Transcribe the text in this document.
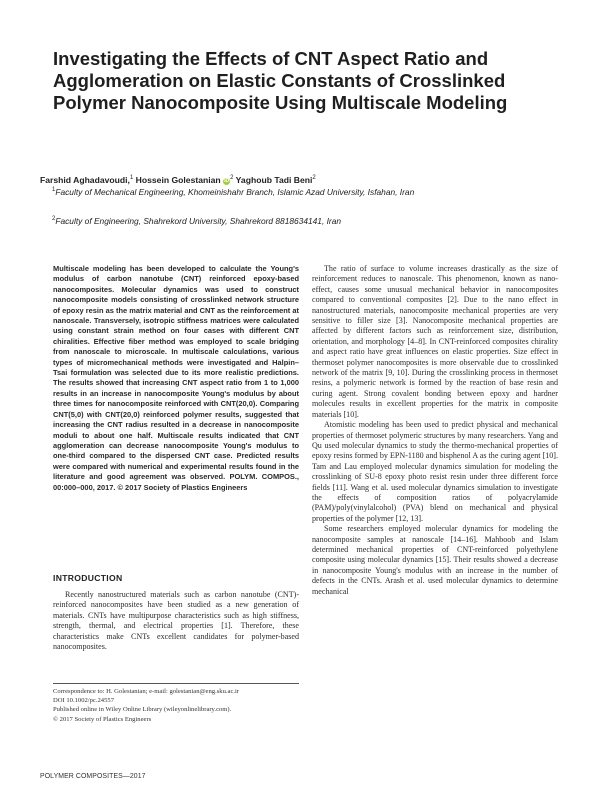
Investigating the Effects of CNT Aspect Ratio and Agglomeration on Elastic Constants of Crosslinked Polymer Nanocomposite Using Multiscale Modeling

Farshid Aghadavoudi,$^1$ Hossein Golestanian $iD^2$ Yaghoub Tadi Beni$^2$

$^1$Faculty of Mechanical Engineering, Khomeinishahr Branch, Islamic Azad University, Isfahan, Iran

$^2$Faculty of Engineering, Shahrekord University, Shahrekord 8818634141, Iran

Multiscale modeling has been developed to calculate the Young's modulus of carbon nanotube (CNT) reinforced epoxy-based nanocomposites. Molecular dynamics was used to construct nanocomposite models consisting of crosslinked network structure of epoxy resin as the matrix material and CNT as the reinforcement at nanoscale. Transversely, isotropic stiffness matrices were calculated using constant strain method on four cases with different CNT chiralities. Effective fiber method was employed to scale bridging from nanoscale to microscale. In multiscale calculations, various types of micromechanical methods were investigated and Halpin–Tsai formulation was selected due to its more realistic predictions. The results showed that increasing CNT aspect ratio from 1 to 1,000 results in an increase in nanocomposite Young's modulus by about three times for nanocomposite reinforced with CNT(20,0). Comparing CNT(5,0) with CNT(20,0) reinforced polymer results, suggested that increasing the CNT radius resulted in a decrease in nanocomposite moduli to about one half. Multiscale results indicated that CNT agglomeration can decrease nanocomposite Young's modulus to one-third compared to the dispersed CNT case. Predicted results were compared with numerical and experimental results found in the literature and good agreement was observed. POLYM. COMPOS., 00:000–000, 2017. © 2017 Society of Plastics Engineers

INTRODUCTION

Recently nanostructured materials such as carbon nanotube (CNT)-reinforced nanocomposites have been studied as a new generation of materials. CNTs have multipurpose characteristics such as high stiffness, strength, thermal, and electrical properties [1]. Therefore, these characteristics make CNTs excellent candidates for polymer-based nanocomposites.

The ratio of surface to volume increases drastically as the size of reinforcement reduces to nanoscale. This phenomenon, known as nano-effect, causes some unusual mechanical behavior in nanocomposites compared to conventional composites [2]. Due to the nano effect in nanostructured materials, nanocomposite mechanical properties are very sensitive to filler size [3]. Nanocomposite mechanical properties are affected by different factors such as reinforcement size, distribution, orientation, and morphology [4–8]. In CNT-reinforced composites chirality and aspect ratio have great influences on elastic properties. Size effect in thermoset polymer nanocomposites is more observable due to crosslinked network of the matrix [9, 10]. During the crosslinking process in thermoset resins, a polymeric network is formed by the reaction of base resin and curing agent. Strong covalent bonding between epoxy and hardner molecules results in excellent properties for the matrix in composite materials [10].

Atomistic modeling has been used to predict physical and mechanical properties of thermoset polymeric structures by many researchers. Yang and Qu used molecular dynamics to study the thermo-mechanical properties of epoxy resins formed by EPN-1180 and bisphenol A as the curing agent [10]. Tam and Lau employed molecular dynamics simulation for modeling the crosslinking of SU-8 epoxy photo resist resin under three different force fields [11]. Wang et al. used molecular dynamics simulation to investigate the effects of composition ratios of polyacrylamide (PAM)/poly(vinylalcohol) (PVA) blend on mechanical and physical properties of the polymer [12, 13].

Some researchers employed molecular dynamics for modeling the nanocomposite samples at nanoscale [14–16]. Mahboob and Islam determined mechanical properties of CNT-reinforced polyethylene composite using molecular dynamics [15]. Their results showed a decrease in nanocomposite Young's modulus with an increase in the number of defects in the CNTs. Arash et al. used molecular dynamics to determine mechanical

Correspondence to: H. Golestanian; e-mail: golestanian@eng.sku.ac.ir
DOI 10.1002/pc.24557
Published online in Wiley Online Library (wileyonlinelibrary.com).
© 2017 Society of Plastics Engineers

POLYMER COMPOSITES—2017
